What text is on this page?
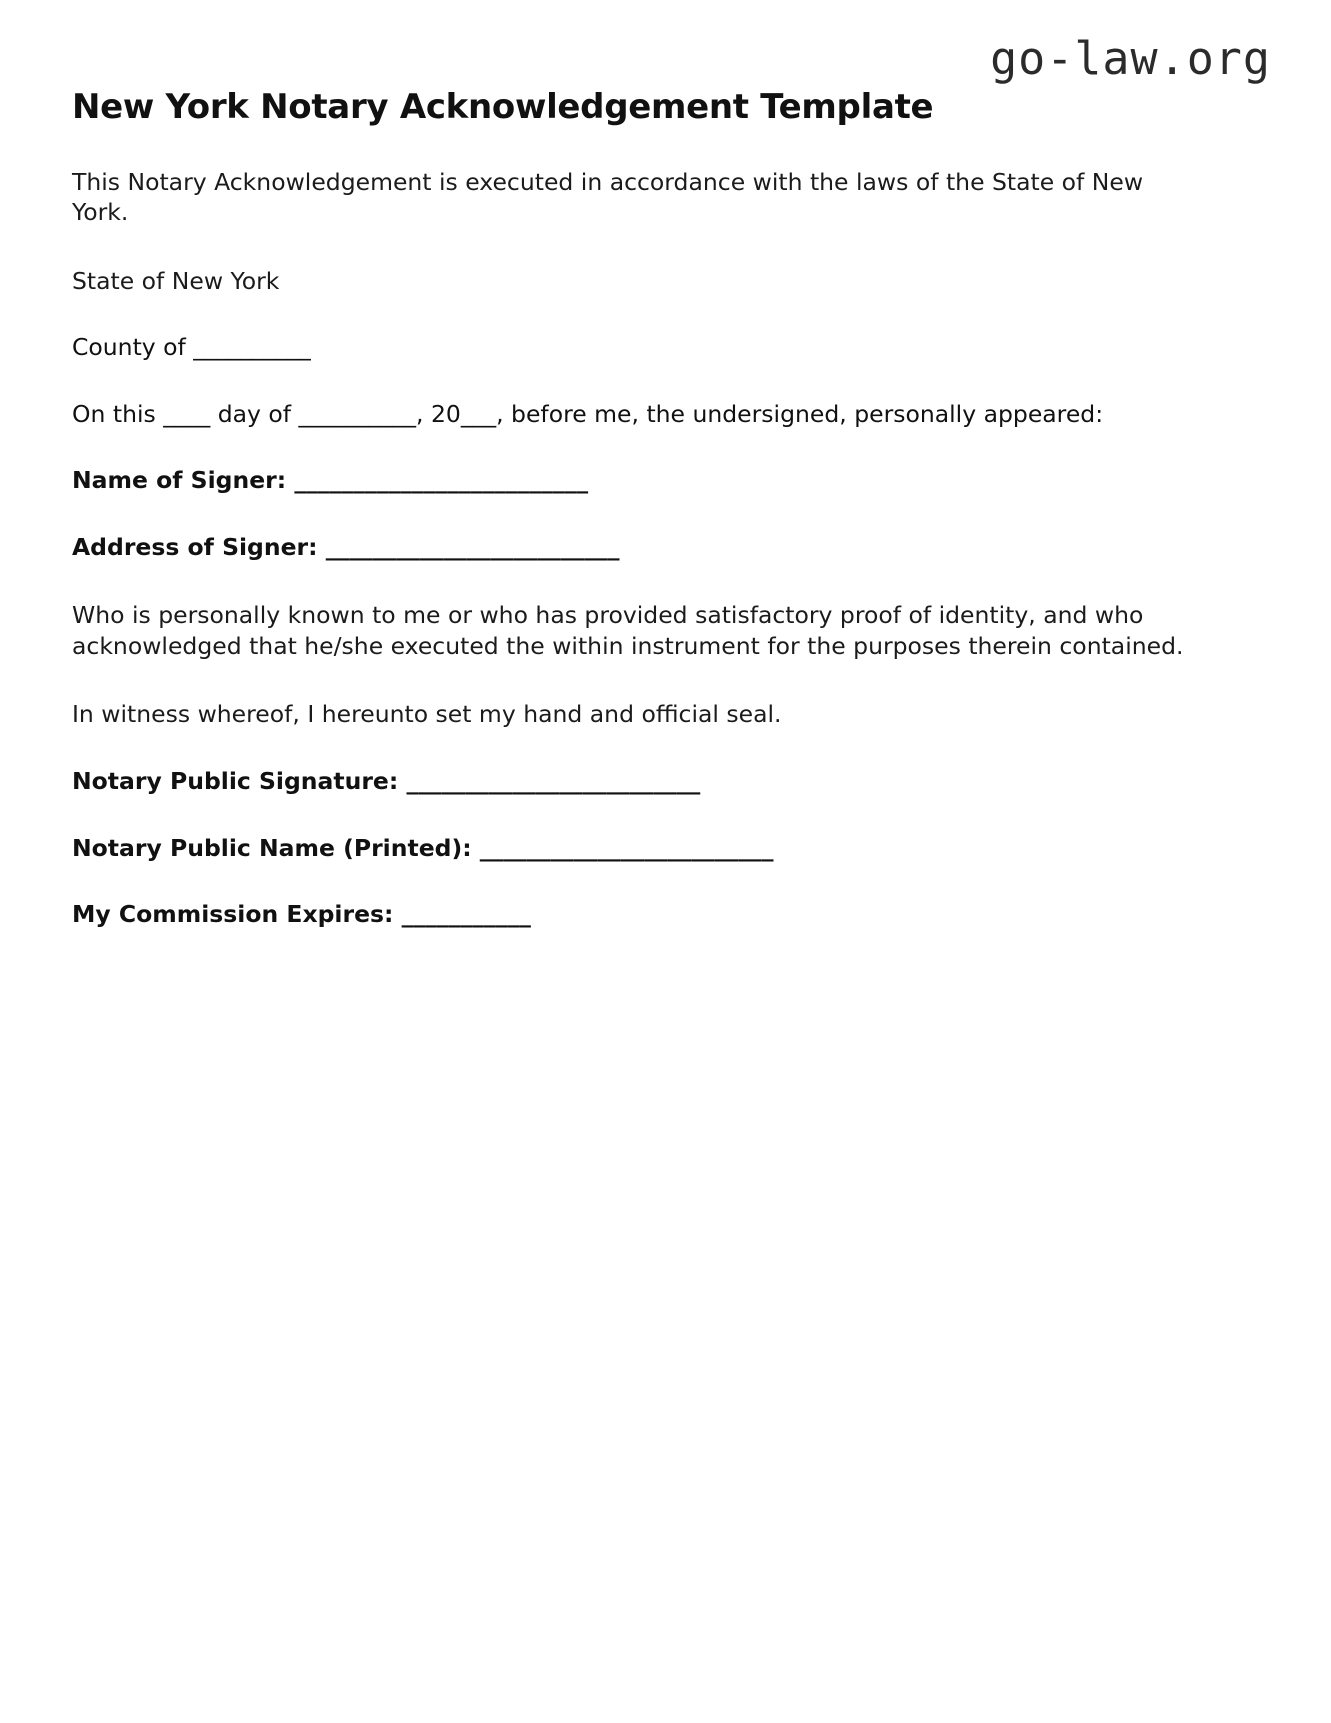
go-law.org
New York Notary Acknowledgement Template

This Notary Acknowledgement is executed in accordance with the laws of the State of New York.

State of New York

County of __________

On this ____ day of __________, 20___, before me, the undersigned, personally appeared:

Name of Signer: _________________________

Address of Signer: _________________________

Who is personally known to me or who has provided satisfactory proof of identity, and who acknowledged that he/she executed the within instrument for the purposes therein contained.

In witness whereof, I hereunto set my hand and official seal.

Notary Public Signature: _________________________

Notary Public Name (Printed): _________________________

My Commission Expires: ___________
